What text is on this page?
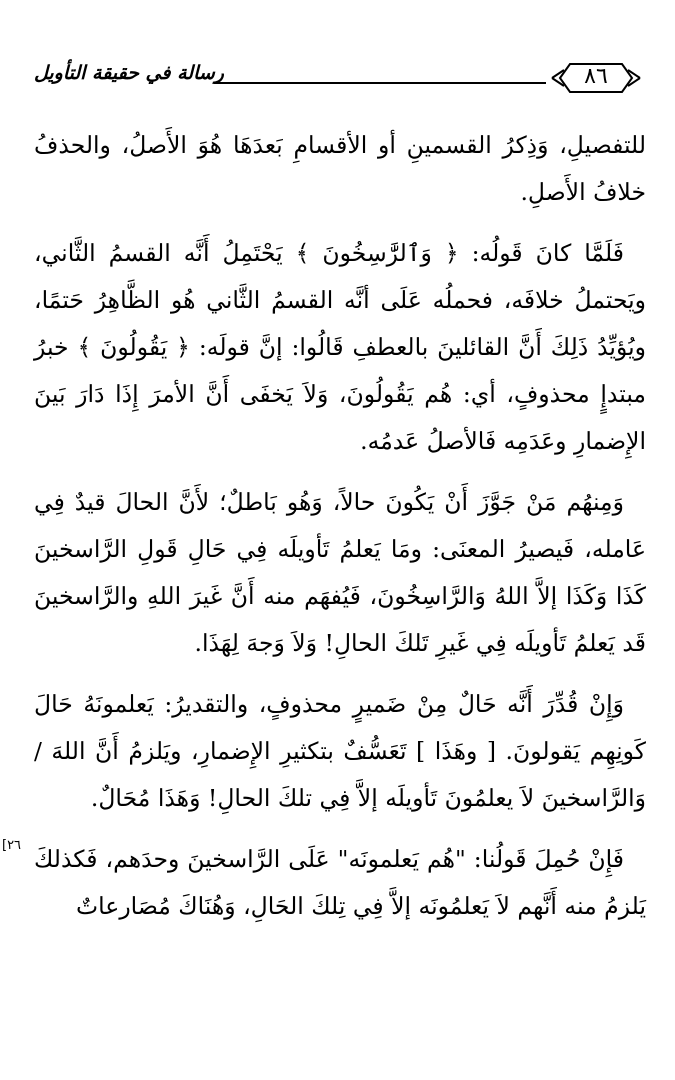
رسالة في حقيقة التأويل	٨٦

للتفصيلِ، وَذِكرُ القسمينِ أو الأقسامِ بَعدَهَا هُوَ الأَصلُ، والحذفُ خلافُ الأَصلِ.

فَلَمَّا كانَ قَولُه: ﴿ وَٱلرَّٰسِخُونَ ﴾ يَحْتَمِلُ أَنَّه القسمُ الثَّاني، ويَحتملُ خلافَه، فحملُه عَلَى أنَّه القسمُ الثَّاني هُو الظَّاهِرُ حَتمًا، ويُؤيِّدُ ذَلِكَ أَنَّ القائلينَ بالعطفِ قَالُوا: إنَّ قولَه: ﴿ يَقُولُونَ ﴾ خبرُ مبتدإٍ محذوفٍ، أي: هُم يَقُولُونَ، وَلاَ يَخفَى أَنَّ الأمرَ إِذَا دَارَ بَينَ الإِضمارِ وعَدَمِه فَالأصلُ عَدمُه.

وَمِنهُم مَنْ جَوَّزَ أَنْ يَكُونَ حالاً، وَهُو بَاطلٌ؛ لأَنَّ الحالَ قيدٌ فِي عَامله، فَيصيرُ المعنَى: ومَا يَعلمُ تَأويلَه فِي حَالِ قَولِ الرَّاسخينَ كَذَا وَكَذَا إلاَّ اللهُ وَالرَّاسِخُونَ، فَيُفهَم منه أَنَّ غَيرَ اللهِ والرَّاسخينَ قَد يَعلمُ تَأويلَه فِي غَيرِ تَلكَ الحالِ! وَلاَ وَجهَ لِهَذَا.

وَإِنْ قُدِّرَ أَنَّه حَالٌ مِنْ ضَميرٍ محذوفٍ، والتقديرُ: يَعلمونَهُ حَالَ كَونِهِم يَقولونَ. [ وهَذَا ] تَعَسُّفٌ بتكثيرِ الإِضمارِ، ويَلزمُ أَنَّ اللهَ / وَالرَّاسخينَ لاَ يعلمُونَ تَأويلَه إلاَّ فِي تلكَ الحالِ! وَهَذَا مُحَالٌ.

فَإِنْ حُمِلَ قَولُنا: "هُم يَعلمونَه" عَلَى الرَّاسخينَ وحدَهم، فَكذلكَ يَلزمُ منه أَنَّهم لاَ يَعلمُونَه إلاَّ فِي تِلكَ الحَالِ، وَهُنَاكَ مُصَارعاتٌ

[٢٦
